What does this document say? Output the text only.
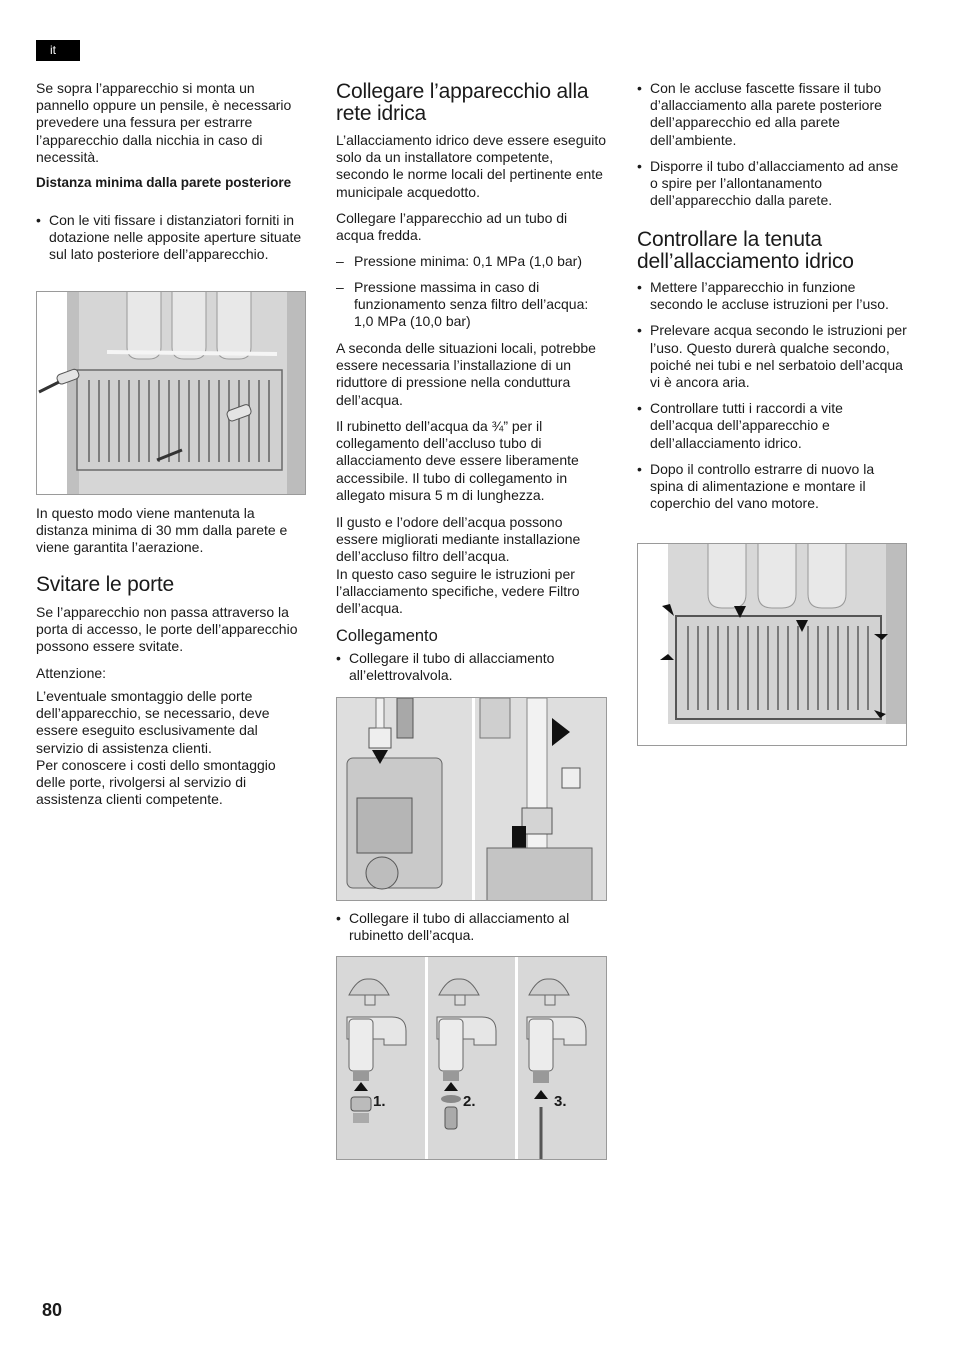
it

Se sopra l’apparecchio si monta un pannello oppure un pensile, è necessario prevedere una fessura per estrarre l’apparecchio dalla nicchia in caso di necessità.

Distanza minima dalla parete posteriore

• Con le viti fissare i distanziatori forniti in dotazione nelle apposite aperture situate sul lato posteriore dell’apparecchio.

In questo modo viene mantenuta la distanza minima di 30 mm dalla parete e viene garantita l’aerazione.

Svitare le porte

Se l’apparecchio non passa attraverso la porta di accesso, le porte dell’apparecchio possono essere svitate.

Attenzione:

L’eventuale smontaggio delle porte dell’apparecchio, se necessario, deve essere eseguito esclusivamente dal servizio di assistenza clienti.

Per conoscere i costi dello smontaggio delle porte, rivolgersi al servizio di assistenza clienti competente.

Collegare l’apparecchio alla rete idrica

L’allacciamento idrico deve essere eseguito solo da un installatore competente, secondo le norme locali del pertinente ente municipale acquedotto.

Collegare l’apparecchio ad un tubo di acqua fredda.

– Pressione minima: 0,1 MPa (1,0 bar)
– Pressione massima in caso di funzionamento senza filtro dell’acqua: 1,0 MPa (10,0 bar)

A seconda delle situazioni locali, potrebbe essere necessaria l’installazione di un riduttore di pressione nella conduttura dell’acqua.

Il rubinetto dell’acqua da ¾” per il collegamento dell’accluso tubo di allacciamento deve essere liberamente accessibile. Il tubo di collegamento in allegato misura 5 m di lunghezza.

Il gusto e l’odore dell’acqua possono essere migliorati mediante installazione dell’accluso filtro dell’acqua.

In questo caso seguire le istruzioni per l’allacciamento specifiche, vedere Filtro dell’acqua.

Collegamento
• Collegare il tubo di allacciamento all’elettrovalvola.
• Collegare il tubo di allacciamento al rubinetto dell’acqua.
1.	2.	3.
• Con le accluse fascette fissare il tubo d’allacciamento alla parete posteriore dell’apparecchio ed alla parete dell’ambiente.
• Disporre il tubo d’allacciamento ad anse o spire per l’allontanamento dell’apparecchio dalla parete.
Controllare la tenuta dell’allacciamento idrico
• Mettere l’apparecchio in funzione secondo le accluse istruzioni per l’uso.
• Prelevare acqua secondo le istruzioni per l’uso. Questo durerà qualche secondo, poiché nei tubi e nel serbatoio dell’acqua vi è ancora aria.
• Controllare tutti i raccordi a vite dell’acqua dell’apparecchio e dell’allacciamento idrico.
• Dopo il controllo estrarre di nuovo la spina di alimentazione e montare il coperchio del vano motore.
80
